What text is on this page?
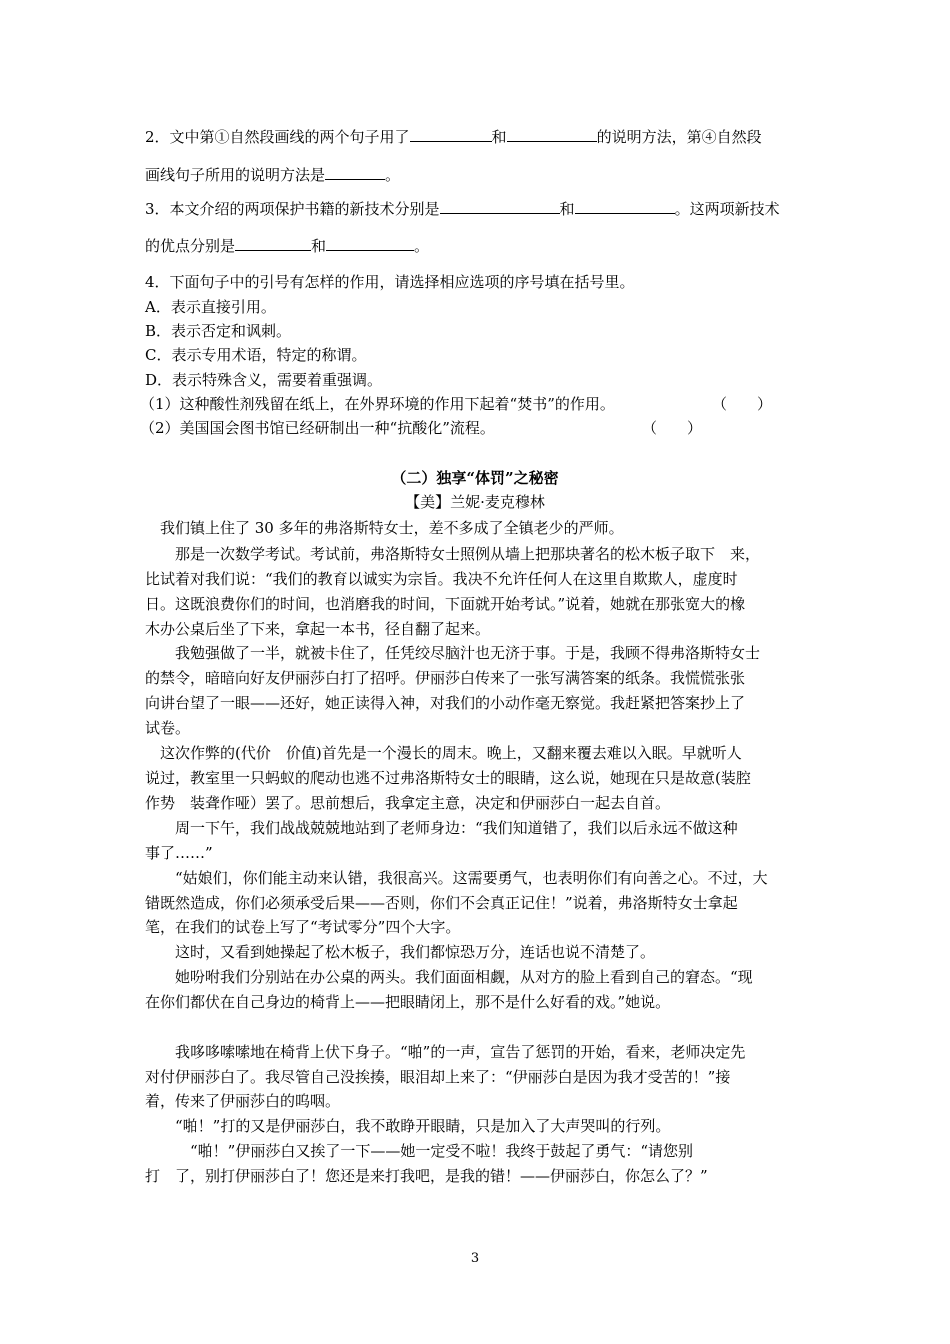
2．文中第①自然段画线的两个句子用了	和	的说明方法，第④自然段
画线句子所用的说明方法是	。
3．本文介绍的两项保护书籍的新技术分别是	和	。这两项新技术
的优点分别是	和	。
4．下面句子中的引号有怎样的作用，请选择相应选项的序号填在括号里。
A．表示直接引用。
B．表示否定和讽刺。
C．表示专用术语，特定的称谓。
D．表示特殊含义，需要着重强调。
（1）这种酸性剂残留在纸上，在外界环境的作用下起着“焚书”的作用。	（　　）
（2）美国国会图书馆已经研制出一种“抗酸化”流程。	（　　）
（二）独享“体罚”之秘密
【美】兰妮·麦克穆林
　我们镇上住了 30 多年的弗洛斯特女士，差不多成了全镇老少的严师。
　　那是一次数学考试。考试前，弗洛斯特女士照例从墙上把那块著名的松木板子取下　来，
比试着对我们说：“我们的教育以诚实为宗旨。我决不允许任何人在这里自欺欺人，虚度时
日。这既浪费你们的时间，也消磨我的时间，下面就开始考试。”说着，她就在那张宽大的橡
木办公桌后坐了下来，拿起一本书，径自翻了起来。
　　我勉强做了一半，就被卡住了，任凭绞尽脑汁也无济于事。于是，我顾不得弗洛斯特女士
的禁令，暗暗向好友伊丽莎白打了招呼。伊丽莎白传来了一张写满答案的纸条。我慌慌张张
向讲台望了一眼——还好，她正读得入神，对我们的小动作毫无察觉。我赶紧把答案抄上了
试卷。
　这次作弊的(代价　价值)首先是一个漫长的周末。晚上，又翻来覆去难以入眠。早就听人
说过，教室里一只蚂蚁的爬动也逃不过弗洛斯特女士的眼睛，这么说，她现在只是故意(装腔
作势　装聋作哑）罢了。思前想后，我拿定主意，决定和伊丽莎白一起去自首。
　　周一下午，我们战战兢兢地站到了老师身边：“我们知道错了，我们以后永远不做这种
事了……”
　　“姑娘们，你们能主动来认错，我很高兴。这需要勇气，也表明你们有向善之心。不过，大
错既然造成，你们必须承受后果——否则，你们不会真正记住！”说着，弗洛斯特女士拿起
笔，在我们的试卷上写了“考试零分”四个大字。
　　这时，又看到她操起了松木板子，我们都惊恐万分，连话也说不清楚了。
　　她吩咐我们分别站在办公桌的两头。我们面面相觑，从对方的脸上看到自己的窘态。“现
在你们都伏在自己身边的椅背上——把眼睛闭上，那不是什么好看的戏。”她说。
　　我哆哆嗦嗦地在椅背上伏下身子。“啪”的一声，宣告了惩罚的开始，看来，老师决定先
对付伊丽莎白了。我尽管自己没挨揍，眼泪却上来了：“伊丽莎白是因为我才受苦的！”接
着，传来了伊丽莎白的呜咽。
　　“啪！”打的又是伊丽莎白，我不敢睁开眼睛，只是加入了大声哭叫的行列。
　　　“啪！”伊丽莎白又挨了一下——她一定受不啦！我终于鼓起了勇气：“请您别
打　了，别打伊丽莎白了！您还是来打我吧，是我的错！——伊丽莎白，你怎么了？”
3
